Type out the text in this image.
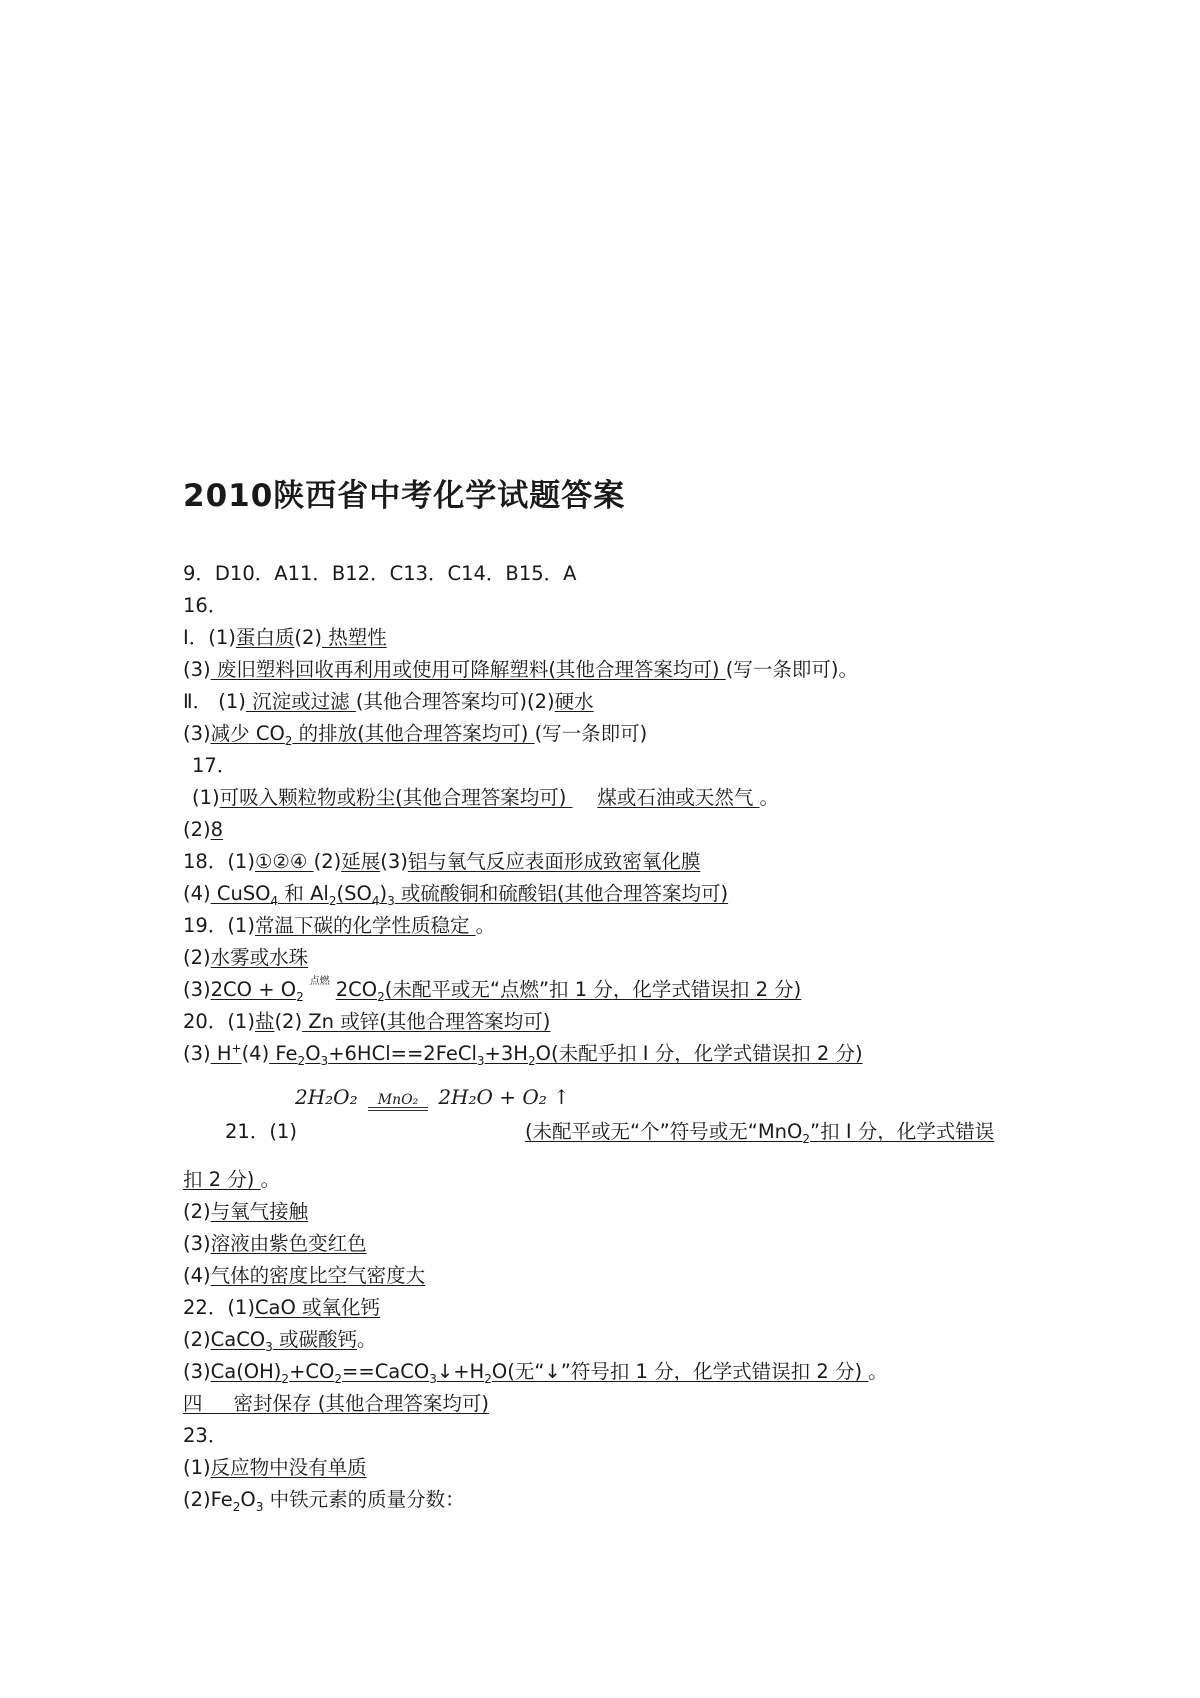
2010陕西省中考化学试题答案
9．D10．A11．B12．C13．C14．B15．A
16．
Ⅰ．(1)蛋白质(2) 热塑性
(3) 废旧塑料回收再利用或使用可降解塑料(其他合理答案均可) (写一条即可)。
Ⅱ． (1) 沉淀或过滤 (其他合理答案均可)(2)硬水
(3)减少 $CO_2$ 的排放(其他合理答案均可) (写一条即可)
17．
(1)可吸入颗粒物或粉尘(其他合理答案均可)     煤或石油或天然气 。
(2)8
18．(1)①②④ (2)延展(3)铝与氧气反应表面形成致密氧化膜
(4) CuSO$_4$ 和 $Al_2(SO_4)_3$ 或硫酸铜和硫酸铝(其他合理答案均可)
19．(1)常温下碳的化学性质稳定 。
(2)水雾或水珠
$(3)2CO + O_2$点燃 $2CO_2$(未配平或无“点燃”扣 1 分，化学式错误扣 2 分)
20．(1)盐(2) Zn 或锌(其他合理答案均可)
(3) H+(4) $Fe_2O_3+6HCl==2FeCl_3+3H_2O$(未配乎扣 I 分，化学式错误扣 2 分)
2H₂O₂	MnO₂	2H₂O + O₂ ↑
21．(1)	(未配平或无“个”符号或无“MnO$_2$”扣 I 分，化学式错误
扣 2 分) 。
(2)与氧气接触
(3)溶液由紫色变红色
(4)气体的密度比空气密度大
22．(1)CaO 或氧化钙
(2)CaCO$_3$ 或碳酸钙。
$(3)Ca(OH)_2+CO_2==CaCO_3↓+H_2O$(无“↓”符号扣 1 分，化学式错误扣 2 分) 。
四     密封保存 (其他合理答案均可)
23．
(1)反应物中没有单质
$(2)Fe_2O_3$ 中铁元素的质量分数：
